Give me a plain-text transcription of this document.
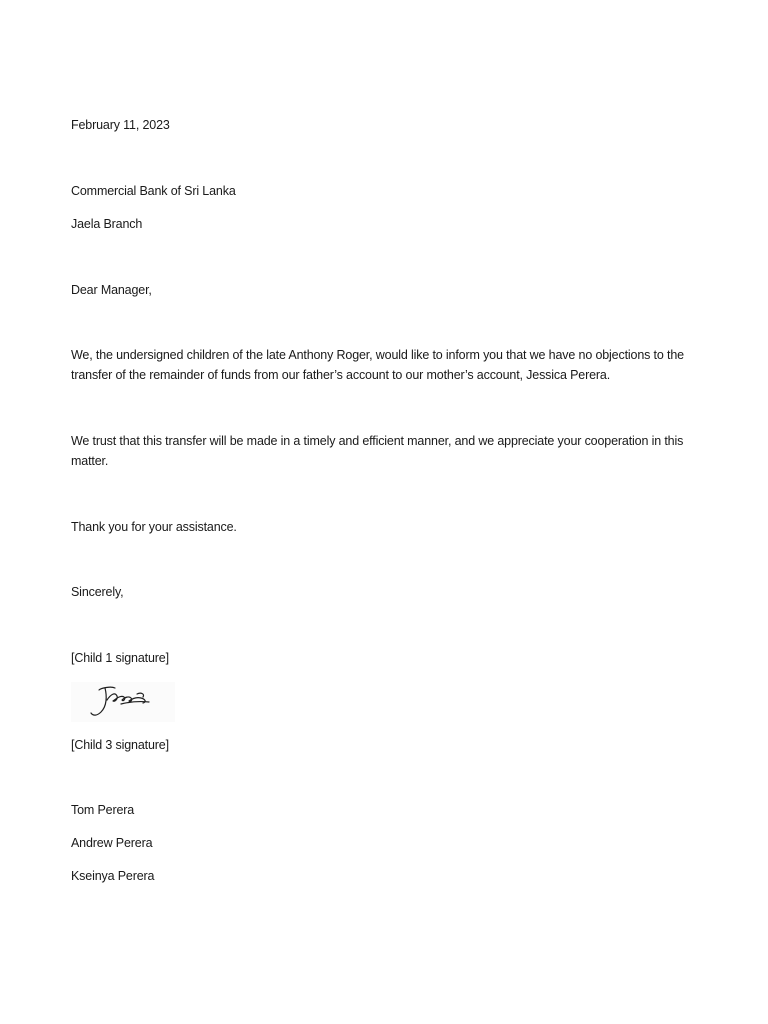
February 11, 2023
Commercial Bank of Sri Lanka
Jaela Branch
Dear Manager,
We, the undersigned children of the late Anthony Roger, would like to inform you that we have no objections to the transfer of the remainder of funds from our father’s account to our mother’s account, Jessica Perera.
We trust that this transfer will be made in a timely and efficient manner, and we appreciate your cooperation in this matter.
Thank you for your assistance.
Sincerely,
[Child 1 signature]
[Child 3 signature]
Tom Perera
Andrew Perera
Kseinya Perera
